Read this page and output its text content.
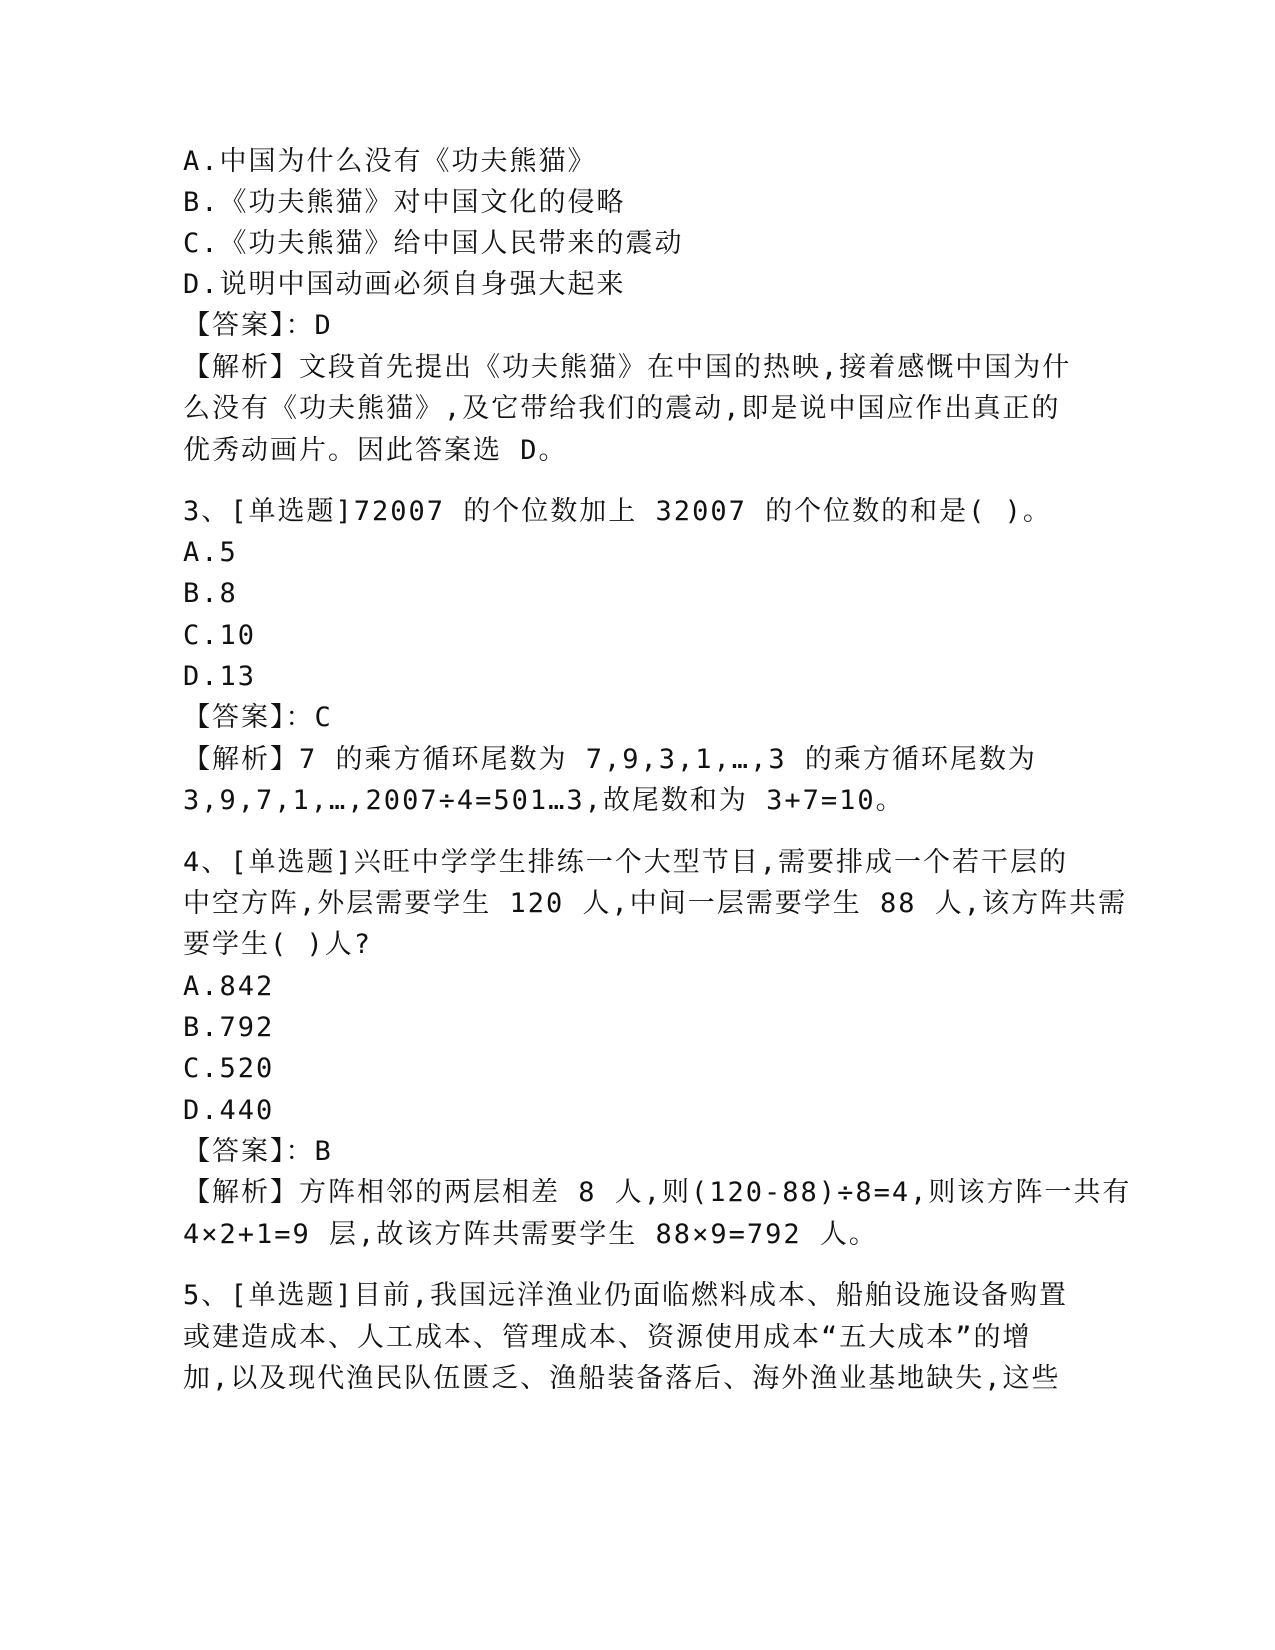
A.中国为什么没有《功夫熊猫》
B.《功夫熊猫》对中国文化的侵略
C.《功夫熊猫》给中国人民带来的震动
D.说明中国动画必须自身强大起来
【答案】：D
【解析】文段首先提出《功夫熊猫》在中国的热映,接着感慨中国为什
么没有《功夫熊猫》,及它带给我们的震动,即是说中国应作出真正的
优秀动画片。因此答案选 D。
3、[单选题]72007 的个位数加上 32007 的个位数的和是( )。
A.5
B.8
C.10
D.13
【答案】：C
【解析】7 的乘方循环尾数为 7,9,3,1,…,3 的乘方循环尾数为
3,9,7,1,…,2007÷4=501…3,故尾数和为 3+7=10。
4、[单选题]兴旺中学学生排练一个大型节目,需要排成一个若干层的
中空方阵,外层需要学生 120 人,中间一层需要学生 88 人,该方阵共需
要学生( )人?
A.842
B.792
C.520
D.440
【答案】：B
【解析】方阵相邻的两层相差 8 人,则(120-88)÷8=4,则该方阵一共有
4×2+1=9 层,故该方阵共需要学生 88×9=792 人。
5、[单选题]目前,我国远洋渔业仍面临燃料成本、船舶设施设备购置
或建造成本、人工成本、管理成本、资源使用成本“五大成本”的增
加,以及现代渔民队伍匮乏、渔船装备落后、海外渔业基地缺失,这些
